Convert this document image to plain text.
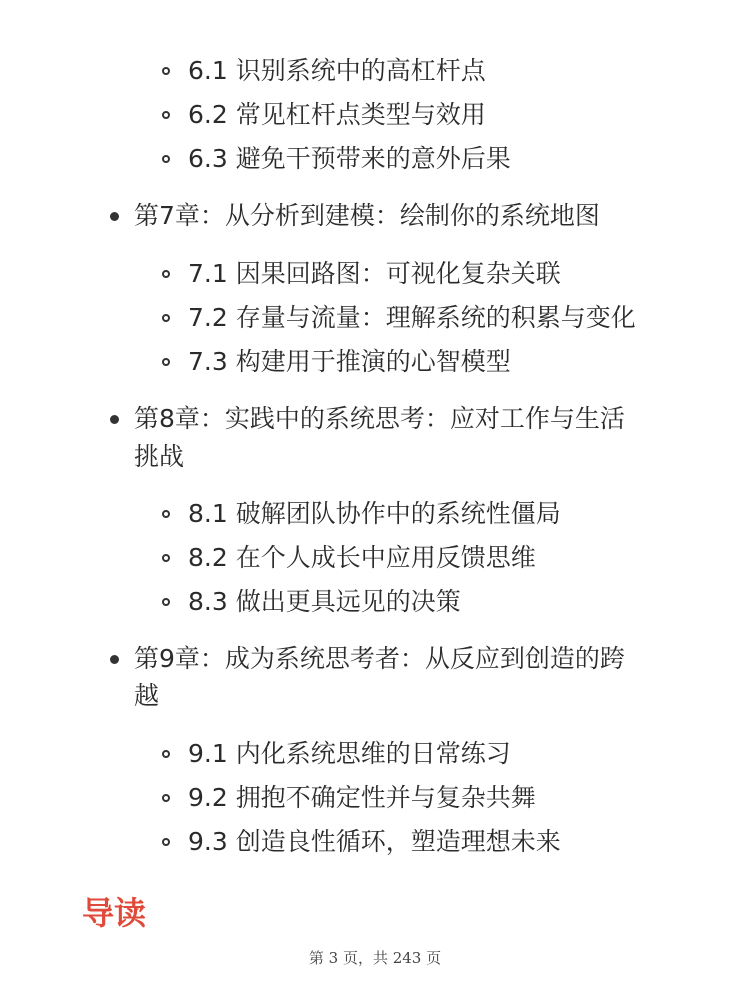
6.1 识别系统中的高杠杆点
6.2 常见杠杆点类型与效用
6.3 避免干预带来的意外后果
第7章：从分析到建模：绘制你的系统地图
7.1 因果回路图：可视化复杂关联
7.2 存量与流量：理解系统的积累与变化
7.3 构建用于推演的心智模型
第8章：实践中的系统思考：应对工作与生活
挑战
8.1 破解团队协作中的系统性僵局
8.2 在个人成长中应用反馈思维
8.3 做出更具远见的决策
第9章：成为系统思考者：从反应到创造的跨
越
9.1 内化系统思维的日常练习
9.2 拥抱不确定性并与复杂共舞
9.3 创造良性循环，塑造理想未来
导读
第 3 页，共 243 页
